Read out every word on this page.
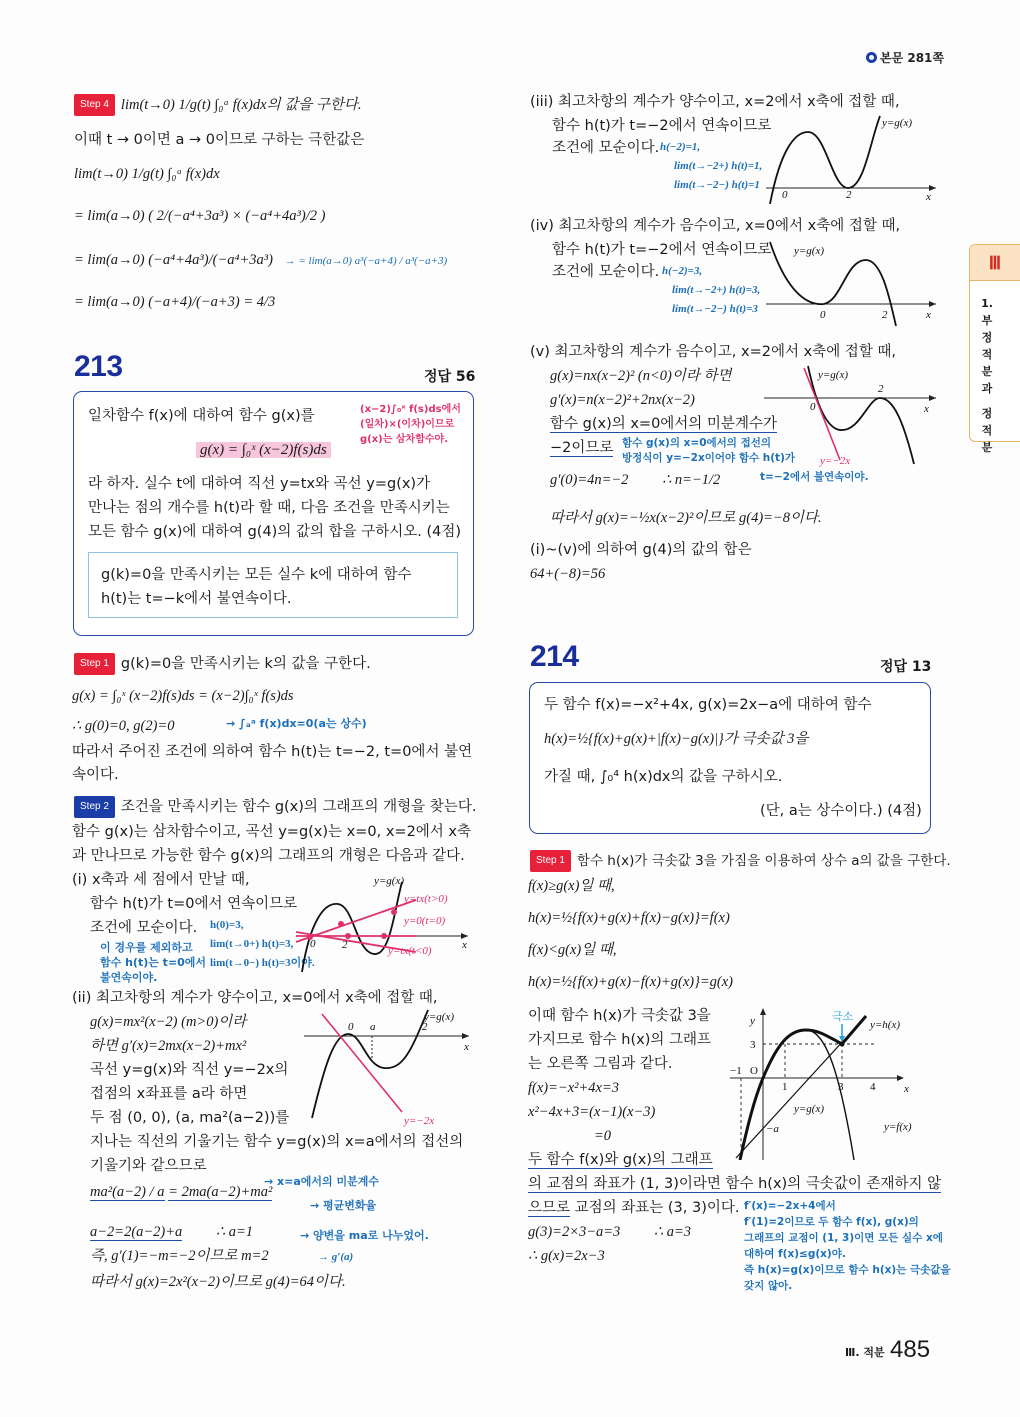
본문 281쪽
Ⅲ
1.
부
정
적
분
과
정
적
분
Step 4 lim(t→0) 1/g(t) ∫₀ᵃ f(x)dx의 값을 구한다.
이때 t → 0이면 a → 0이므로 구하는 극한값은
lim(t→0) 1/g(t) ∫₀ᵃ f(x)dx
= lim(a→0) ( 2/(−a⁴+3a³) × (−a⁴+4a³)/2 )
= lim(a→0) (−a⁴+4a³)/(−a⁴+3a³) → = lim(a→0) a³(−a+4) / a³(−a+3)
= lim(a→0) (−a+4)/(−a+3) = 4/3
213	정답 56
일차함수 f(x)에 대하여 함수 g(x)를
g(x) = ∫₀ˣ (x−2)f(s)ds
(x−2)∫₀ˣ f(s)ds에서
(일차)×(이차)이므로
g(x)는 삼차함수야.
라 하자. 실수 t에 대하여 직선 y=tx와 곡선 y=g(x)가
만나는 점의 개수를 h(t)라 할 때, 다음 조건을 만족시키는
모든 함수 g(x)에 대하여 g(4)의 값의 합을 구하시오. (4점)
g(k)=0을 만족시키는 모든 실수 k에 대하여 함수
h(t)는 t=−k에서 불연속이다.
Step 1 g(k)=0을 만족시키는 k의 값을 구한다.
g(x) = ∫₀ˣ (x−2)f(s)ds = (x−2)∫₀ˣ f(s)ds
∴ g(0)=0, g(2)=0	→ ∫ₐᵃ f(x)dx=0(a는 상수)
따라서 주어진 조건에 의하여 함수 h(t)는 t=−2, t=0에서 불연
속이다.
Step 2 조건을 만족시키는 함수 g(x)의 그래프의 개형을 찾는다.
함수 g(x)는 삼차함수이고, 곡선 y=g(x)는 x=0, x=2에서 x축
과 만나므로 가능한 함수 g(x)의 그래프의 개형은 다음과 같다.
(i) x축과 세 점에서 만날 때,
함수 h(t)가 t=0에서 연속이므로
조건에 모순이다. h(0)=3,
lim(t→0+) h(t)=3,
lim(t→0−) h(t)=3이야.
이 경우를 제외하고
함수 h(t)는 t=0에서
불연속이야.
y=g(x)
y=tx(t>0)
y=0(t=0)
y=tx(t<0)	x
0 2
(ii) 최고차항의 계수가 양수이고, x=0에서 x축에 접할 때,
g(x)=mx²(x−2) (m>0)이라
하면 g′(x)=2mx(x−2)+mx²
곡선 y=g(x)와 직선 y=−2x의
접점의 x좌표를 a라 하면
두 점 (0, 0), (a, ma²(a−2))를
지나는 직선의 기울기는 함수 y=g(x)의 x=a에서의 접선의
기울기와 같으므로
y=g(x)
y=−2x
x
0 a	2
ma²(a−2) / a = 2ma(a−2)+ma²
→ x=a에서의 미분계수
→ 평균변화율
a−2=2(a−2)+a ∴ a=1	→ 양변을 ma로 나누었어.
즉, g′(1)=−m=−2이므로 m=2	→ g′(a)
따라서 g(x)=2x²(x−2)이므로 g(4)=64이다.
(iii) 최고차항의 계수가 양수이고, x=2에서 x축에 접할 때,
함수 h(t)가 t=−2에서 연속이므로
조건에 모순이다. h(−2)=1,
lim(t→−2+) h(t)=1,
lim(t→−2−) h(t)=1
y=g(x)
0	2	x
(iv) 최고차항의 계수가 음수이고, x=0에서 x축에 접할 때,
함수 h(t)가 t=−2에서 연속이므로
조건에 모순이다. h(−2)=3,
lim(t→−2+) h(t)=3,
lim(t→−2−) h(t)=3
y=g(x)
0	2	x
(v) 최고차항의 계수가 음수이고, x=2에서 x축에 접할 때,
g(x)=nx(x−2)² (n<0)이라 하면
g′(x)=n(x−2)²+2nx(x−2)
함수 g(x)의 x=0에서의 미분계수가
−2이므로 함수 g(x)의 x=0에서의 접선의
방정식이 y=−2x이어야 함수 h(t)가
t=−2에서 불연속이야.
g′(0)=4n=−2 ∴ n=−1/2
따라서 g(x)=−½x(x−2)²이므로 g(4)=−8이다.
y=g(x)
0
2
x
y=−2x
(i)~(v)에 의하여 g(4)의 값의 합은
64+(−8)=56
214	정답 13
두 함수 f(x)=−x²+4x, g(x)=2x−a에 대하여 함수
h(x)=½{f(x)+g(x)+|f(x)−g(x)|}가 극솟값 3을
가질 때, ∫₀⁴ h(x)dx의 값을 구하시오.
(단, a는 상수이다.) (4점)
Step 1 함수 h(x)가 극솟값 3을 가짐을 이용하여 상수 a의 값을 구한다.
f(x)≥g(x)일 때,
h(x)=½{f(x)+g(x)+f(x)−g(x)}=f(x)
f(x)<g(x)일 때,
h(x)=½{f(x)+g(x)−f(x)+g(x)}=g(x)
이때 함수 h(x)가 극솟값 3을
가지므로 함수 h(x)의 그래프
는 오른쪽 그림과 같다.
f(x)=−x²+4x=3
x²−4x+3=(x−1)(x−3)
=0
두 함수 f(x)와 g(x)의 그래프
의 교점의 좌표가 (1, 3)이라면 함수 h(x)의 극솟값이 존재하지 않
으므로 교점의 좌표는 (3, 3)이다.
g(3)=2×3−a=3 ∴ a=3
∴ g(x)=2x−3
f′(x)=−2x+4에서
f′(1)=2이므로 두 함수 f(x), g(x)의
그래프의 교점이 (1, 3)이면 모든 실수 x에
대하여 f(x)≤g(x)야.
즉 h(x)=g(x)이므로 함수 h(x)는 극솟값을
갖지 않아.
극소
y=h(x)
y=g(x)
y=f(x)
y
x
O
3
−1
1	3 4
−a
Ⅲ. 적분 485
